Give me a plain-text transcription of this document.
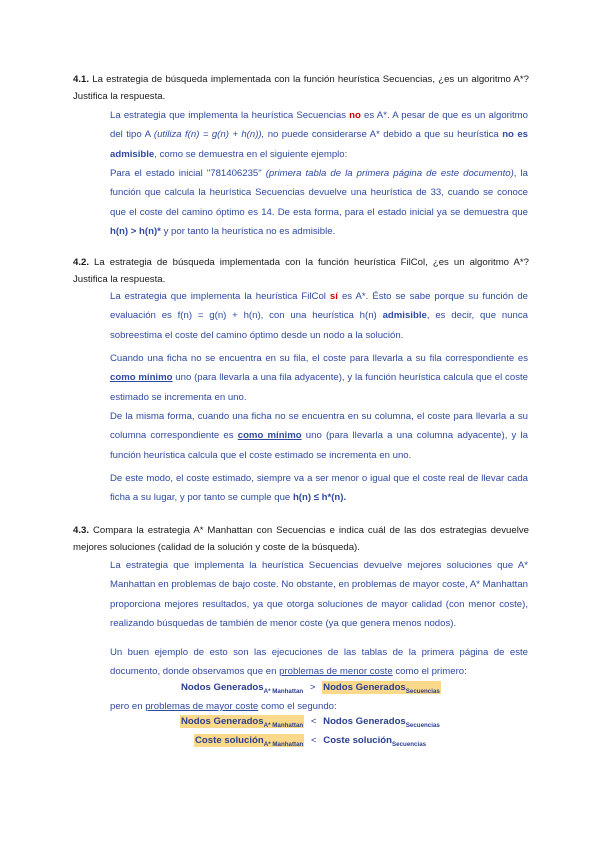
4.1. La estrategia de búsqueda implementada con la función heurística Secuencias, ¿es un algoritmo A*? Justifica la respuesta.
La estrategia que implementa la heurística Secuencias no es A*. A pesar de que es un algoritmo del tipo A (utiliza f(n) = g(n) + h(n)), no puede considerarse A* debido a que su heurística no es admisible, como se demuestra en el siguiente ejemplo:
Para el estado inicial "781406235" (primera tabla de la primera página de este documento), la función que calcula la heurística Secuencias devuelve una heurística de 33, cuando se conoce que el coste del camino óptimo es 14. De esta forma, para el estado inicial ya se demuestra que h(n) > h(n)* y por tanto la heurística no es admisible.
4.2. La estrategia de búsqueda implementada con la función heurística FilCol, ¿es un algoritmo A*? Justifica la respuesta.
La estrategia que implementa la heurística FilCol sí es A*. Ésto se sabe porque su función de evaluación es f(n) = g(n) + h(n), con una heurística h(n) admisible, es decir, que nunca sobreestima el coste del camino óptimo desde un nodo a la solución.
Cuando una ficha no se encuentra en su fila, el coste para llevarla a su fila correspondiente es como mínimo uno (para llevarla a una fila adyacente), y la función heurística calcula que el coste estimado se incrementa en uno.
De la misma forma, cuando una ficha no se encuentra en su columna, el coste para llevarla a su columna correspondiente es como mínimo uno (para llevarla a una columna adyacente), y la función heurística calcula que el coste estimado se incrementa en uno.
De este modo, el coste estimado, siempre va a ser menor o igual que el coste real de llevar cada ficha a su lugar, y por tanto se cumple que h(n) ≤ h*(n).
4.3. Compara la estrategia A* Manhattan con Secuencias e indica cuál de las dos estrategias devuelve mejores soluciones (calidad de la solución y coste de la búsqueda).
La estrategia que implementa la heurística Secuencias devuelve mejores soluciones que A* Manhattan en problemas de bajo coste. No obstante, en problemas de mayor coste, A* Manhattan proporciona mejores resultados, ya que otorga soluciones de mayor calidad (con menor coste), realizando búsquedas de también de menor coste (ya que genera menos nodos).
Un buen ejemplo de esto son las ejecuciones de las tablas de la primera página de este documento, donde observamos que en problemas de menor coste como el primero:
Nodos Generados$_{A* Manhattan}$ > Nodos Generados$_{Secuencias}$
pero en problemas de mayor coste como el segundo:
Nodos Generados$_{A* Manhattan}$ < Nodos Generados$_{Secuencias}$
Coste solución$_{A* Manhattan}$ < Coste solución$_{Secuencias}$
